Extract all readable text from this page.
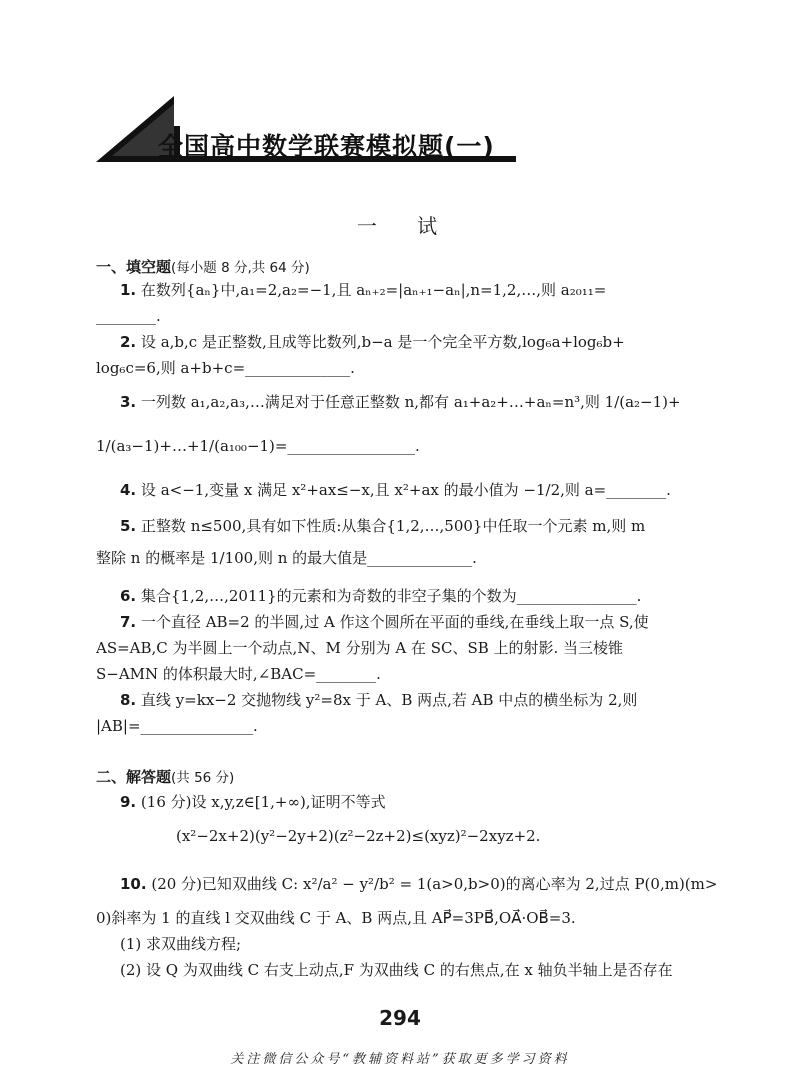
全国高中数学联赛模拟题(一)
一 试
一、填空题(每小题 8 分,共 64 分)
1. 在数列{aₙ}中,a₁=2,a₂=−1,且 aₙ₊₂=|aₙ₊₁−aₙ|,n=1,2,…,则 a₂₀₁₁=
________.
2. 设 a,b,c 是正整数,且成等比数列,b−a 是一个完全平方数,log₆a+log₆b+
log₆c=6,则 a+b+c=______________.
3. 一列数 a₁,a₂,a₃,…满足对于任意正整数 n,都有 a₁+a₂+…+aₙ=n³,则 1/(a₂−1)+
1/(a₃−1)+…+1/(a₁₀₀−1)=_________________.
4. 设 a<−1,变量 x 满足 x²+ax≤−x,且 x²+ax 的最小值为 −1/2,则 a=________.
5. 正整数 n≤500,具有如下性质:从集合{1,2,…,500}中任取一个元素 m,则 m
整除 n 的概率是 1/100,则 n 的最大值是______________.
6. 集合{1,2,…,2011}的元素和为奇数的非空子集的个数为________________.
7. 一个直径 AB=2 的半圆,过 A 作这个圆所在平面的垂线,在垂线上取一点 S,使
AS=AB,C 为半圆上一个动点,N、M 分别为 A 在 SC、SB 上的射影. 当三棱锥
S−AMN 的体积最大时,∠BAC=________.
8. 直线 y=kx−2 交抛物线 y²=8x 于 A、B 两点,若 AB 中点的横坐标为 2,则
|AB|=_______________.
二、解答题(共 56 分)
9. (16 分)设 x,y,z∈[1,+∞),证明不等式
(x²−2x+2)(y²−2y+2)(z²−2z+2)≤(xyz)²−2xyz+2.
10. (20 分)已知双曲线 C: x²/a² − y²/b² = 1(a>0,b>0)的离心率为 2,过点 P(0,m)(m>
0)斜率为 1 的直线 l 交双曲线 C 于 A、B 两点,且 AP⃗=3PB⃗,OA⃗·OB⃗=3.
(1) 求双曲线方程;
(2) 设 Q 为双曲线 C 右支上动点,F 为双曲线 C 的右焦点,在 x 轴负半轴上是否存在
294
关注微信公众号“教辅资料站”获取更多学习资料
